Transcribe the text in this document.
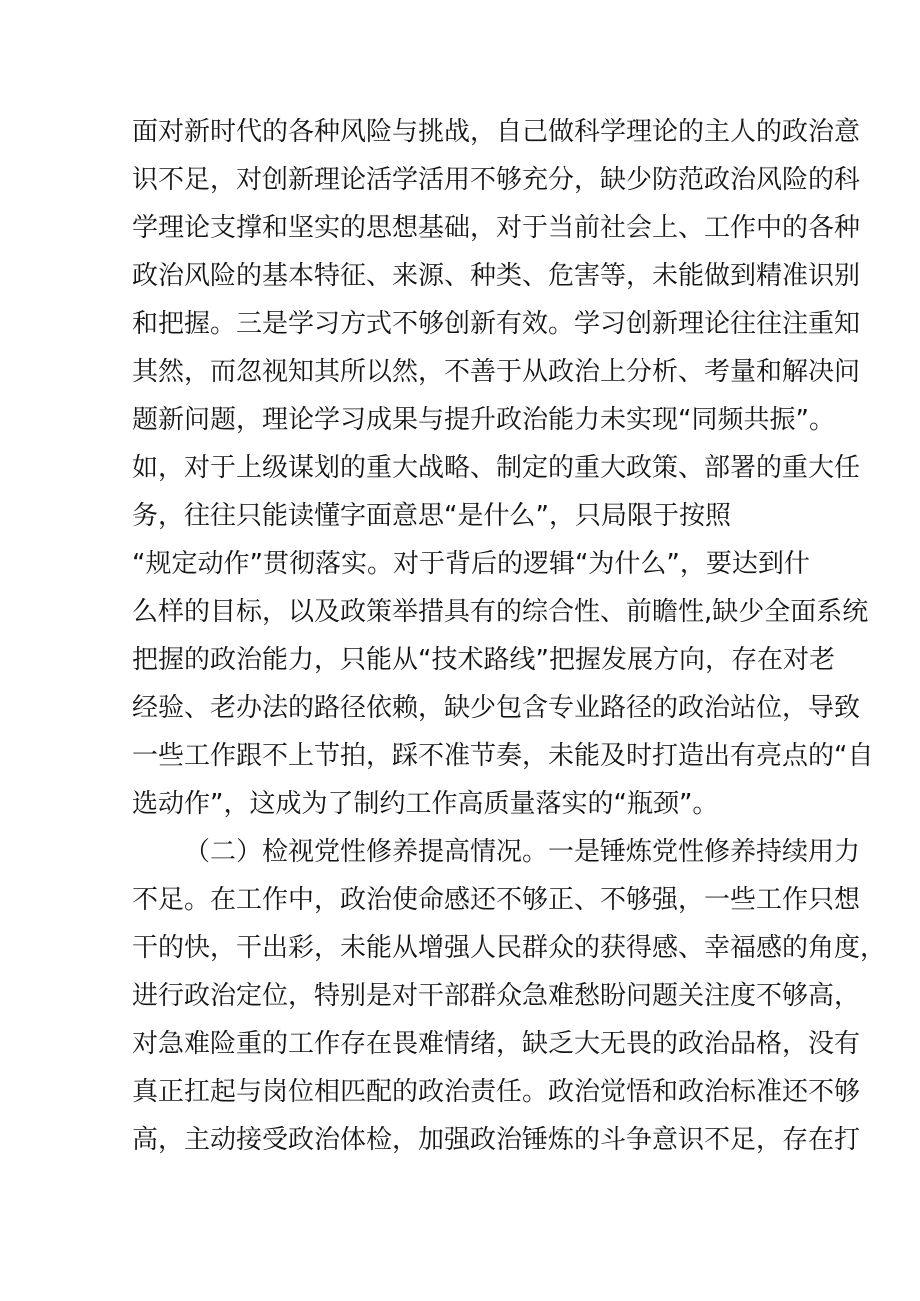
面对新时代的各种风险与挑战，自己做科学理论的主人的政治意
识不足，对创新理论活学活用不够充分，缺少防范政治风险的科
学理论支撑和坚实的思想基础，对于当前社会上、工作中的各种
政治风险的基本特征、来源、种类、危害等，未能做到精准识别
和把握。三是学习方式不够创新有效。学习创新理论往往注重知
其然，而忽视知其所以然，不善于从政治上分析、考量和解决问
题新问题，理论学习成果与提升政治能力未实现“同频共振”。
如，对于上级谋划的重大战略、制定的重大政策、部署的重大任
务，往往只能读懂字面意思“是什么”，只局限于按照
“规定动作”贯彻落实。对于背后的逻辑“为什么”，要达到什
么样的目标，以及政策举措具有的综合性、前瞻性,缺少全面系统
把握的政治能力，只能从“技术路线”把握发展方向，存在对老
经验、老办法的路径依赖，缺少包含专业路径的政治站位，导致
一些工作跟不上节拍，踩不准节奏，未能及时打造出有亮点的“自
选动作”，这成为了制约工作高质量落实的“瓶颈”。
（二）检视党性修养提高情况。一是锤炼党性修养持续用力
不足。在工作中，政治使命感还不够正、不够强，一些工作只想
干的快，干出彩，未能从增强人民群众的获得感、幸福感的角度，
进行政治定位，特别是对干部群众急难愁盼问题关注度不够高，
对急难险重的工作存在畏难情绪，缺乏大无畏的政治品格，没有
真正扛起与岗位相匹配的政治责任。政治觉悟和政治标准还不够
高，主动接受政治体检，加强政治锤炼的斗争意识不足，存在打
